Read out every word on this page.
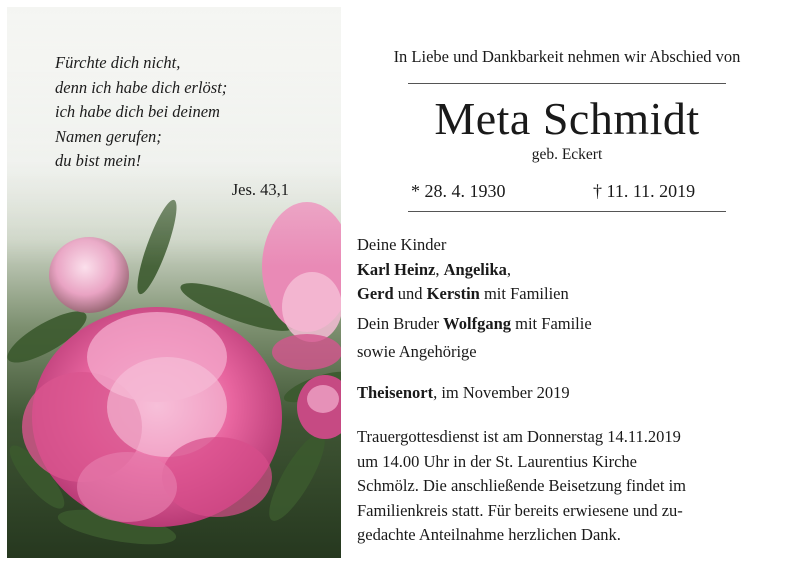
Fürchte dich nicht,
denn ich habe dich erlöst;
ich habe dich bei deinem
Namen gerufen;
du bist mein!
Jes. 43,1
In Liebe und Dankbarkeit nehmen wir Abschied von
Meta Schmidt
geb. Eckert
* 28. 4. 1930	† 11. 11. 2019
Deine Kinder
Karl Heinz, Angelika,
Gerd und Kerstin mit Familien
Dein Bruder Wolfgang mit Familie
sowie Angehörige
Theisenort, im November 2019
Trauergottesdienst ist am Donnerstag 14.11.2019
um 14.00 Uhr in der St. Laurentius Kirche
Schmölz. Die anschließende Beisetzung findet im
Familienkreis statt. Für bereits erwiesene und zu-
gedachte Anteilnahme herzlichen Dank.
